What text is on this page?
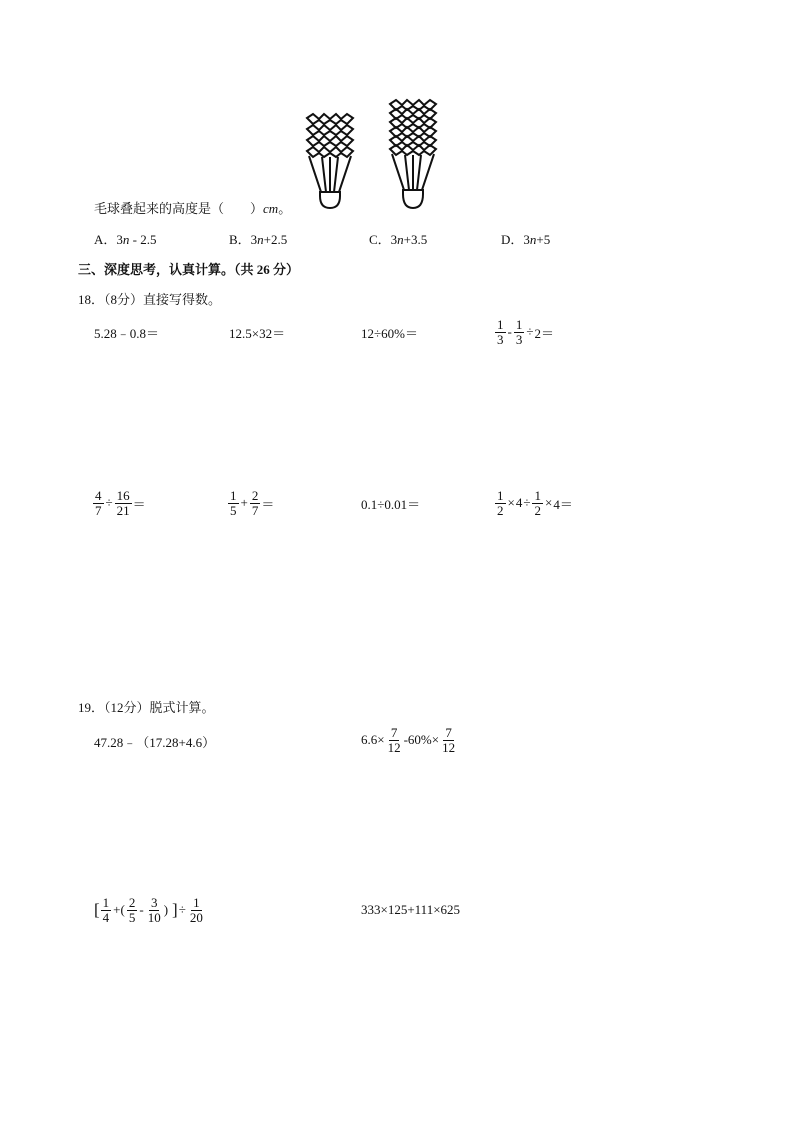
毛球叠起来的高度是（　　）cm。
A．3n - 2.5	B．3n+2.5	C．3n+3.5	D．3n+5
三、深度思考，认真计算。（共 26 分）
18．（8分）直接写得数。
5.28﹣0.8＝	12.5×32＝	12÷60%＝	$\frac{1}{3} - \frac{1}{3} \div 2=$
$\frac{4}{7} \div \frac{16}{21}$ ＝	$\frac{1}{5} + \frac{2}{7}$ ＝	0.1÷0.01＝	$\frac{1}{2} \times 4 \div \frac{1}{2} \times 4=$
19．（12分）脱式计算。
47.28﹣（17.28+4.6）	$6.6\times \frac{7}{12} -60\%\times \frac{7}{12}$
[ $\frac{1}{4}$ +( $\frac{2}{5} - \frac{3}{10}$ ) ] ÷ $\frac{1}{20}$	333×125+111×625
